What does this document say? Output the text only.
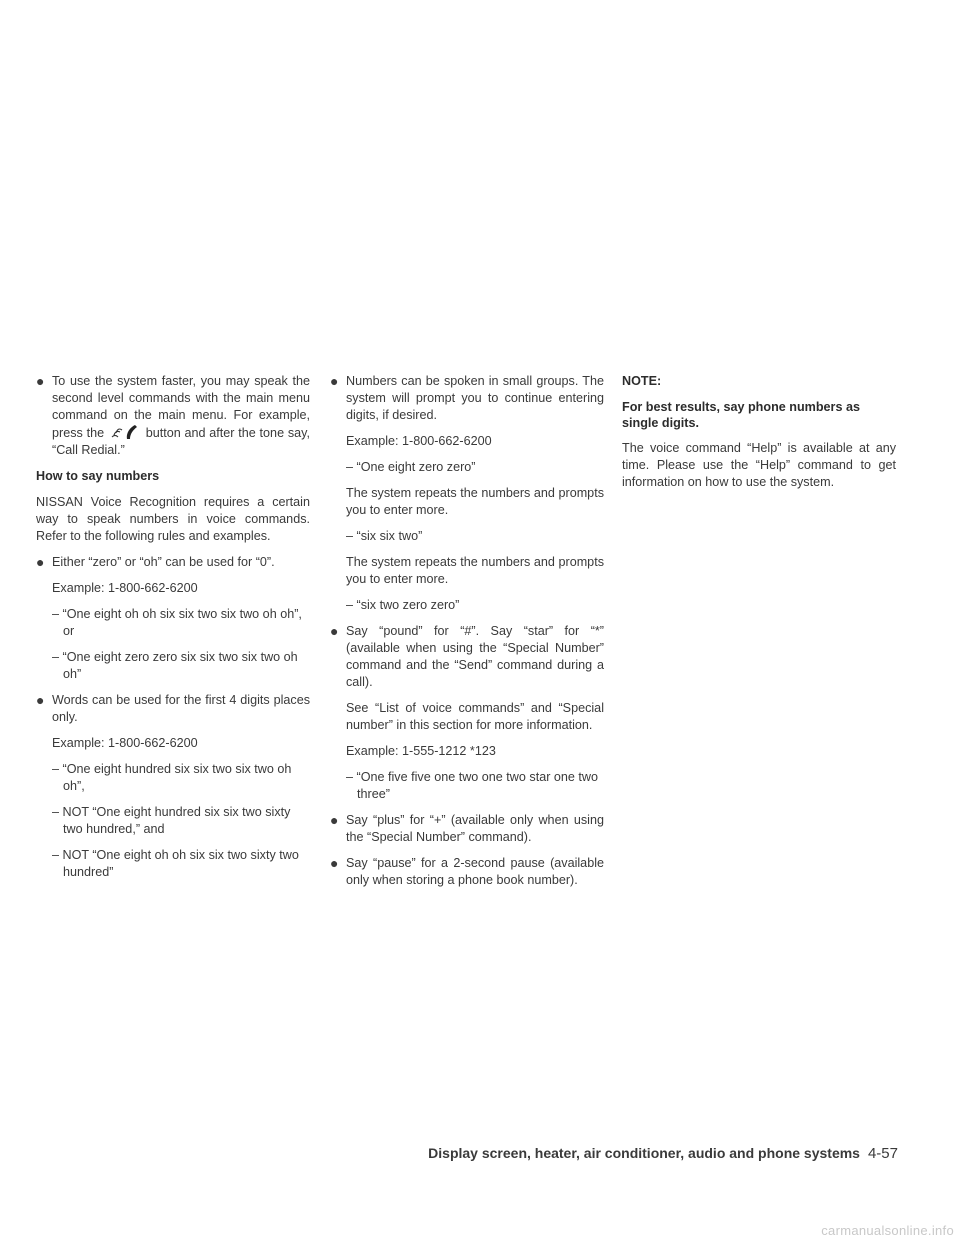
● To use the system faster, you may speak the second level commands with the main menu command on the main menu. For example, press the	button and after the tone say, “Call Redial.”
How to say numbers
NISSAN Voice Recognition requires a certain way to speak numbers in voice commands. Refer to the following rules and examples.
● Either “zero” or “oh” can be used for “0”.
Example: 1-800-662-6200
– “One eight oh oh six six two six two oh oh”, or
– “One eight zero zero six six two six two oh oh”
● Words can be used for the first 4 digits places only.
Example: 1-800-662-6200
– “One eight hundred six six two six two oh oh”,
– NOT “One eight hundred six six two sixty two hundred,” and
– NOT “One eight oh oh six six two sixty two hundred”
● Numbers can be spoken in small groups. The system will prompt you to continue entering digits, if desired.
Example: 1-800-662-6200
– “One eight zero zero”
The system repeats the numbers and prompts you to enter more.
– “six six two”
The system repeats the numbers and prompts you to enter more.
– “six two zero zero”
● Say “pound” for “#”. Say “star” for “*” (available when using the “Special Number” command and the “Send” command during a call).
See “List of voice commands” and “Special number” in this section for more information.
Example: 1-555-1212 *123
– “One five five one two one two star one two three”
● Say “plus” for “+” (available only when using the “Special Number” command).
● Say “pause” for a 2-second pause (available only when storing a phone book number).
NOTE:
For best results, say phone numbers as single digits.
The voice command “Help” is available at any time. Please use the “Help” command to get information on how to use the system.
Display screen, heater, air conditioner, audio and phone systems 4-57
carmanualsonline.info
